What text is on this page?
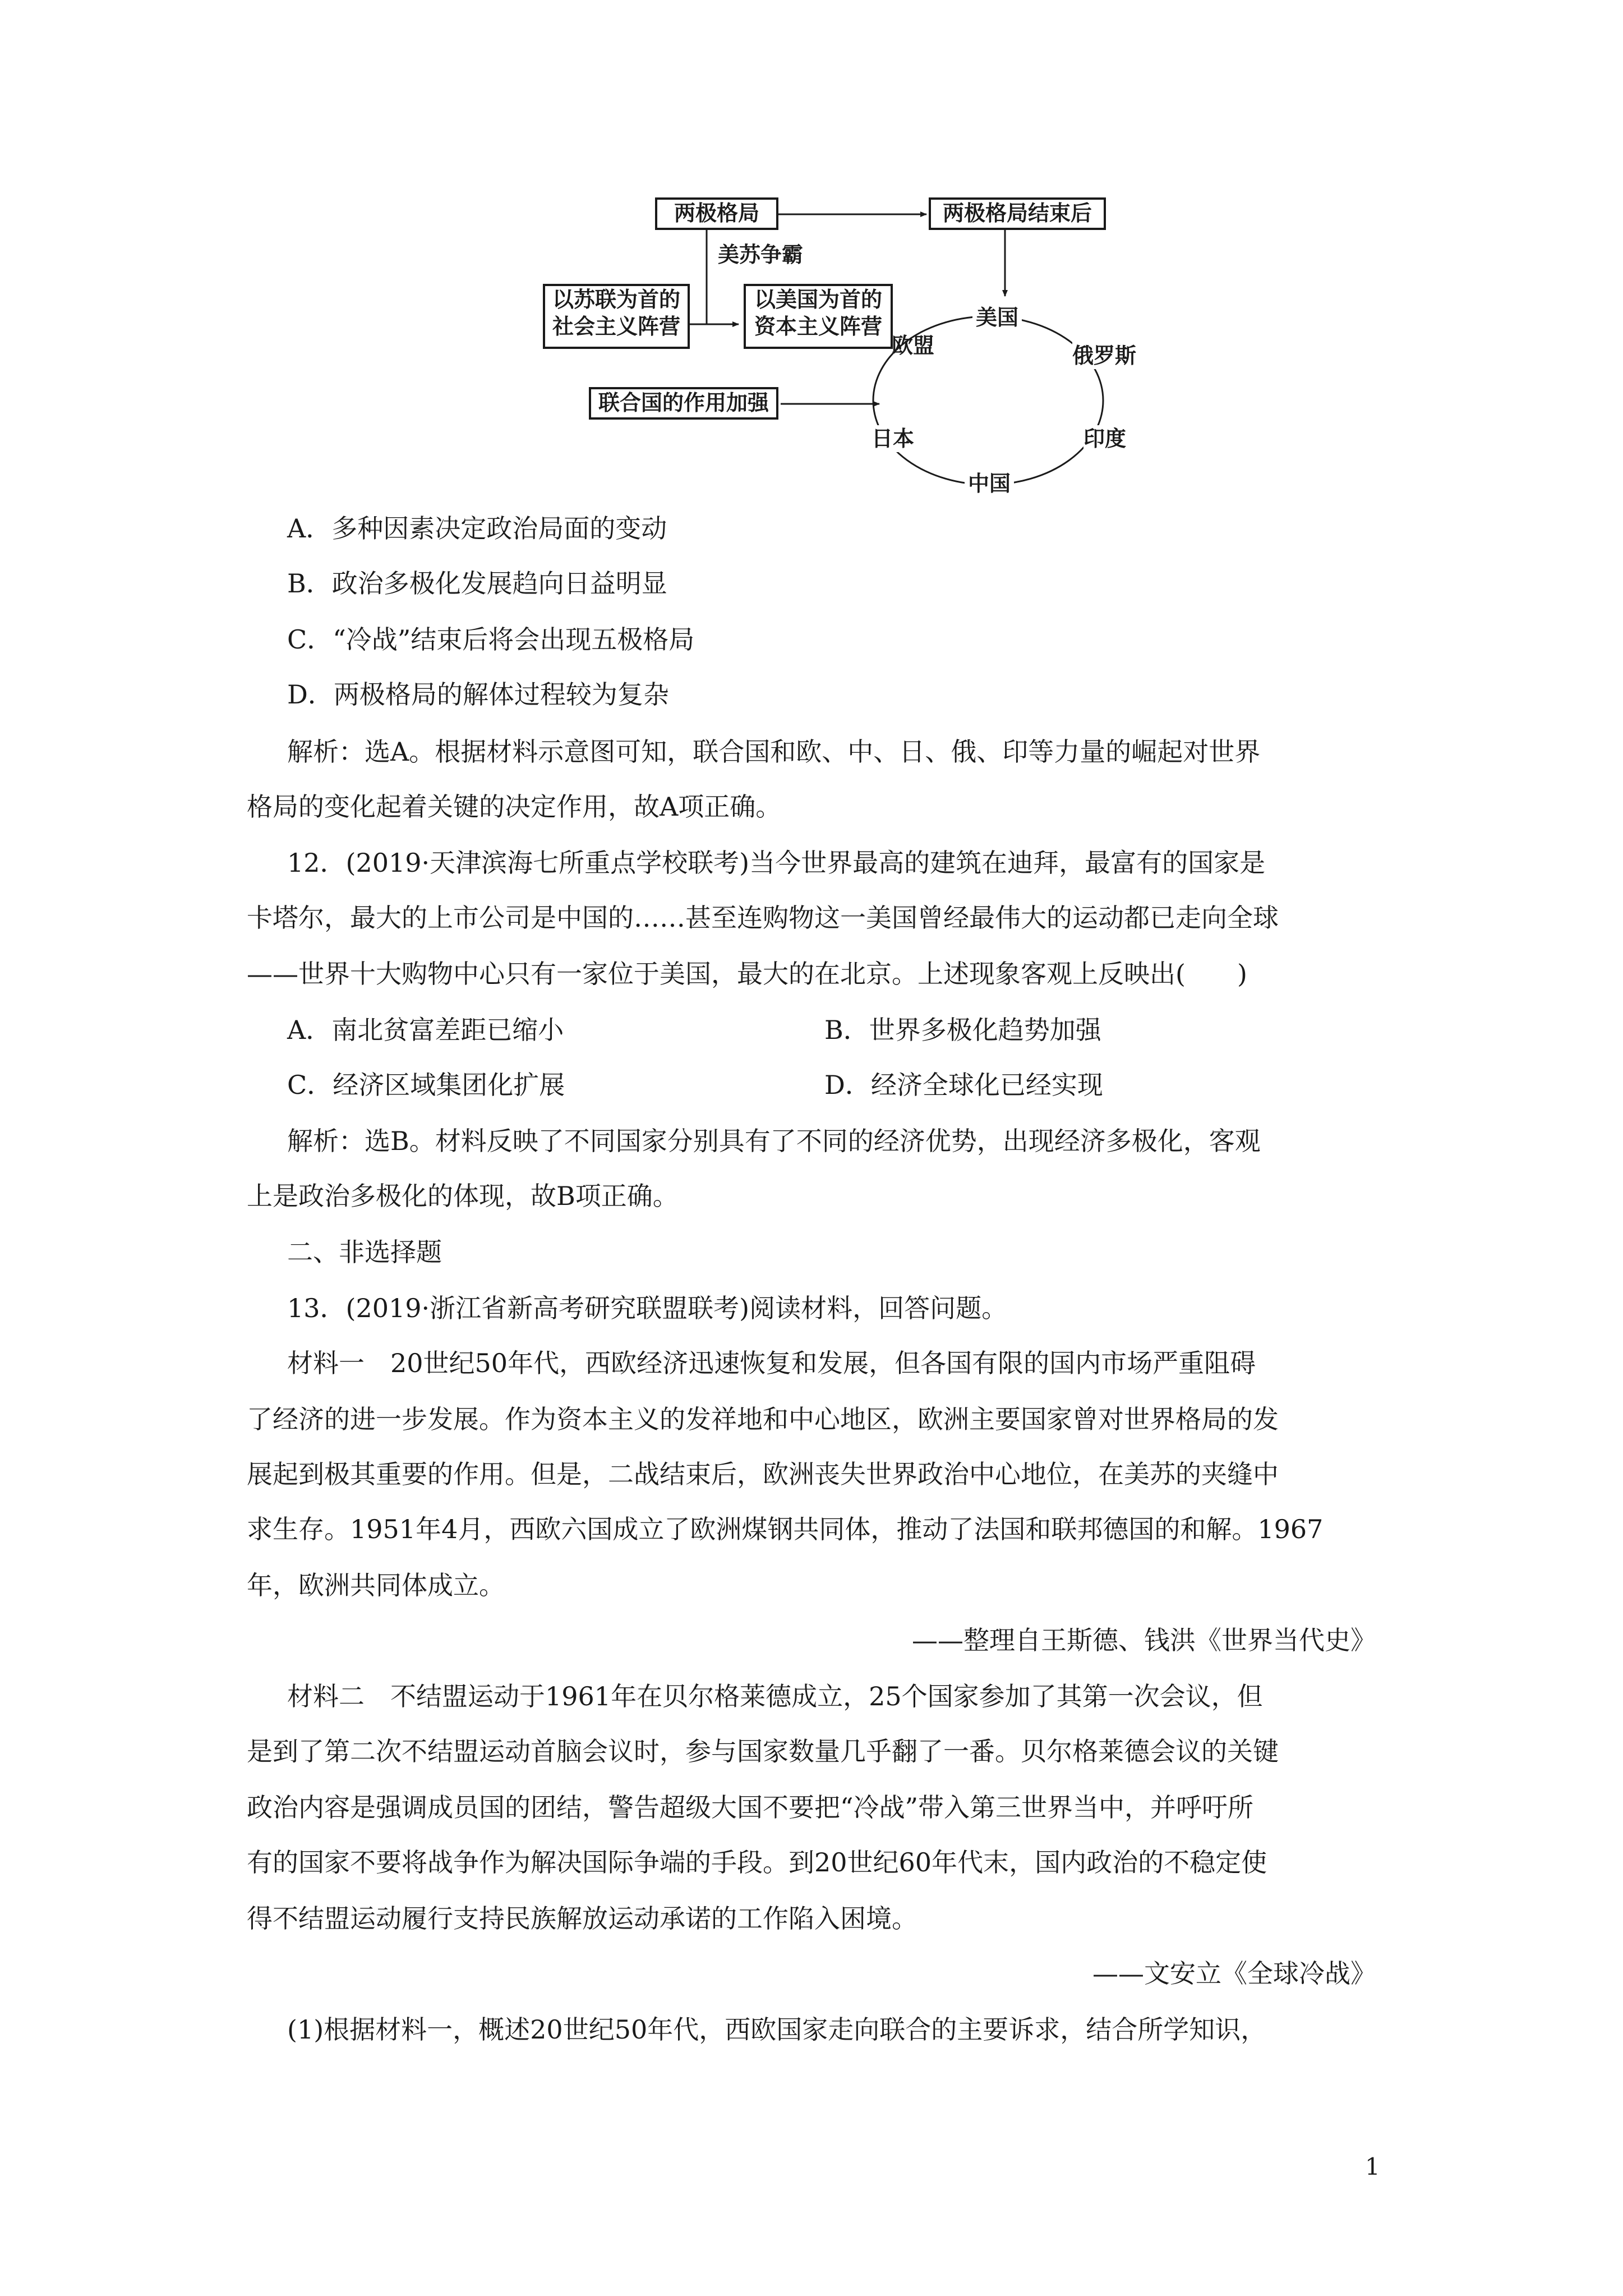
两极格局	两极格局结束后
美苏争霸
以苏联为首的
社会主义阵营
以美国为首的
资本主义阵营
联合国的作用加强
美国
欧盟	俄罗斯
日本	印度
中国
A．多种因素决定政治局面的变动
B．政治多极化发展趋向日益明显
C．“冷战”结束后将会出现五极格局
D．两极格局的解体过程较为复杂
解析：选A。根据材料示意图可知，联合国和欧、中、日、俄、印等力量的崛起对世界
格局的变化起着关键的决定作用，故A项正确。
12．(2019·天津滨海七所重点学校联考)当今世界最高的建筑在迪拜，最富有的国家是
卡塔尔，最大的上市公司是中国的……甚至连购物这一美国曾经最伟大的运动都已走向全球
——世界十大购物中心只有一家位于美国，最大的在北京。上述现象客观上反映出(　　)
A．南北贫富差距已缩小	B．世界多极化趋势加强
C．经济区域集团化扩展	D．经济全球化已经实现
解析：选B。材料反映了不同国家分别具有了不同的经济优势，出现经济多极化，客观
上是政治多极化的体现，故B项正确。
二、非选择题
13．(2019·浙江省新高考研究联盟联考)阅读材料，回答问题。
材料一　20世纪50年代，西欧经济迅速恢复和发展，但各国有限的国内市场严重阻碍
了经济的进一步发展。作为资本主义的发祥地和中心地区，欧洲主要国家曾对世界格局的发
展起到极其重要的作用。但是，二战结束后，欧洲丧失世界政治中心地位，在美苏的夹缝中
求生存。1951年4月，西欧六国成立了欧洲煤钢共同体，推动了法国和联邦德国的和解。1967
年，欧洲共同体成立。
——整理自王斯德、钱洪《世界当代史》
材料二　不结盟运动于1961年在贝尔格莱德成立，25个国家参加了其第一次会议，但
是到了第二次不结盟运动首脑会议时，参与国家数量几乎翻了一番。贝尔格莱德会议的关键
政治内容是强调成员国的团结，警告超级大国不要把“冷战”带入第三世界当中，并呼吁所
有的国家不要将战争作为解决国际争端的手段。到20世纪60年代末，国内政治的不稳定使
得不结盟运动履行支持民族解放运动承诺的工作陷入困境。
——文安立《全球冷战》
(1)根据材料一，概述20世纪50年代，西欧国家走向联合的主要诉求，结合所学知识，
1
